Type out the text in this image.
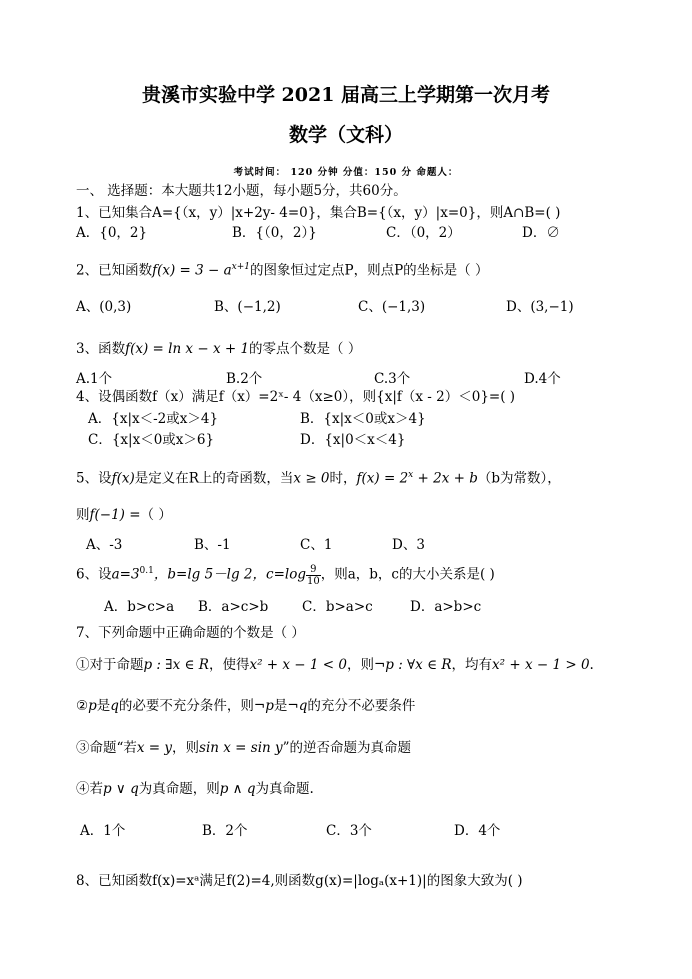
贵溪市实验中学 2021 届高三上学期第一次月考
数学（文科）
考试时间： 120 分钟 分值：150 分 命题人：
一、 选择题：本大题共12小题，每小题5分，共60分。
1、已知集合A={（x，y）|x+2y- 4=0}，集合B={（x，y）|x=0}，则A∩B=( )
A．{0，2}	B．{（0，2）}	C．（0，2）	D．∅
2、已知函数$f(x) = 3 - a^{x+1}$的图象恒过定点P，则点P的坐标是（ ）
A、(0,3)	B、(−1,2)	C、(−1,3)	D、(3,−1)
3、函数f(x) = ln x − x + 1的零点个数是（ ）
A.1个	B.2个	C.3个	D.4个
4、设偶函数f（x）满足f（x）=2ˣ- 4（x≥0），则{x|f（x - 2）＜0}=( )
A．{x|x＜-2或x＞4}	B．{x|x＜0或x＞4}
C．{x|x＜0或x＞6}	D．{x|0＜x＜4}
5、设f(x)是定义在R上的奇函数，当x ≥ 0时，$f(x) = 2^x + 2x + b(b$为常数），
则f(−1) =（ ）
A、-3	B、-1	C、1	D、3
6、设$a=3^{0.1}$，b=lg 5－lg 2，$c=\log \frac{9}{10}$ ，则a，b，c的大小关系是( )
A．b>c>a B．a>c>b C．b>a>c	D．a>b>c
7、下列命题中正确命题的个数是（ ）
①对于命题p : ∃x ∈ R，使得x² + x − 1 < 0，则¬p : ∀x ∈ R，均有x² + x − 1 > 0.
②p是q的必要不充分条件，则¬p是¬q的充分不必要条件
③命题“若x = y，则sin x = sin y”的逆否命题为真命题
④若p ∨ q为真命题，则p ∧ q为真命题.
A．1个	B．2个	C．3个	D．4个
8、已知函数f(x)=xᵃ满足f(2)=4,则函数g(x)=|logₐ(x+1)|的图象大致为( )
